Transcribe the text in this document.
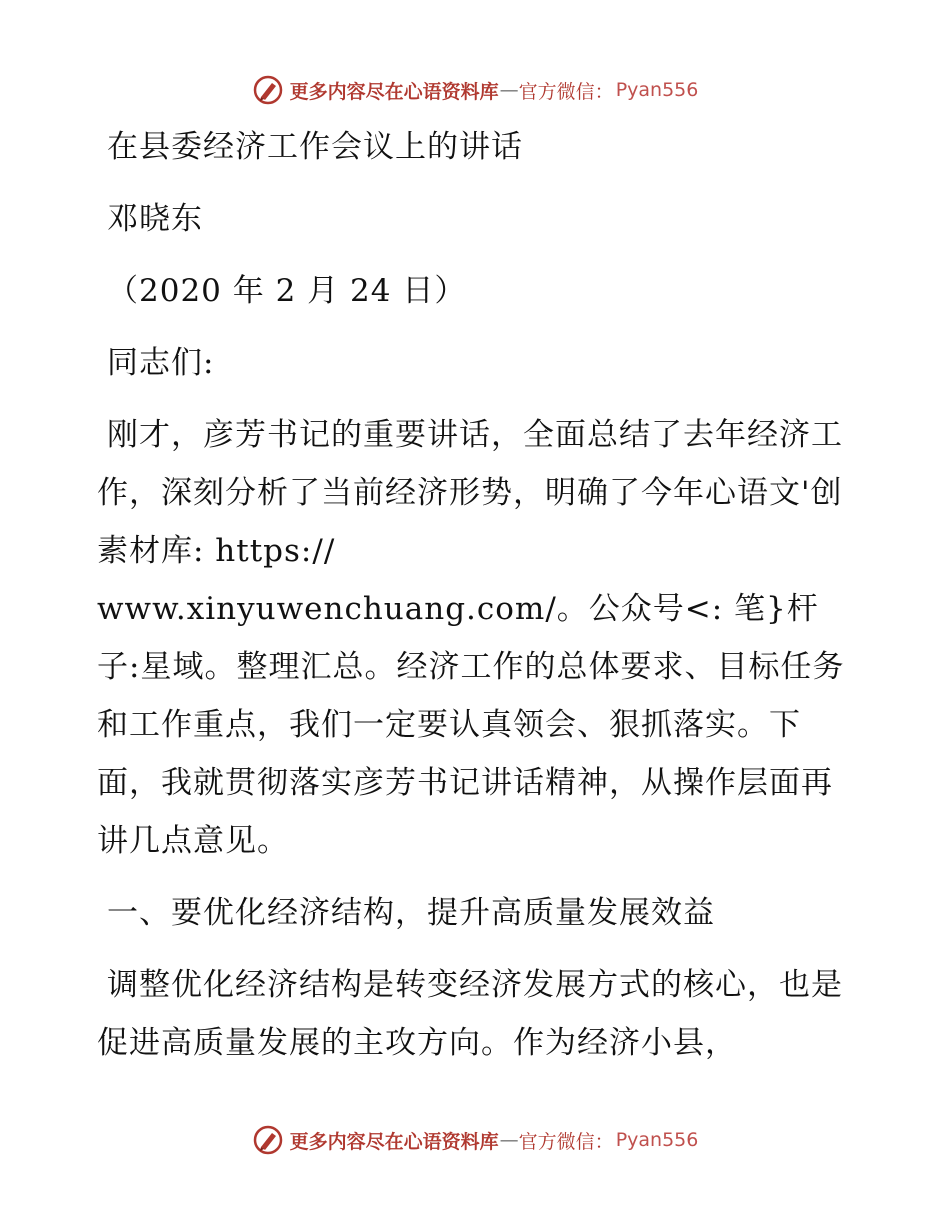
更多内容尽在心语资料库 — 官方微信： Pyan556

在县委经济工作会议上的讲话

邓晓东

（2020 年 2 月 24 日）

同志们:

刚才，彦芳书记的重要讲话，全面总结了去年经济工作，深刻分析了当前经济形势，明确了今年心语文'创素材库: https://
www.xinyuwenchuang.com/。公众号<: 笔}杆子:星域。整理汇总。经济工作的总体要求、目标任务和工作重点，我们一定要认真领会、狠抓落实。下面，我就贯彻落实彦芳书记讲话精神，从操作层面再讲几点意见。

一、要优化经济结构，提升高质量发展效益

调整优化经济结构是转变经济发展方式的核心，也是促进高质量发展的主攻方向。作为经济小县，

更多内容尽在心语资料库 — 官方微信： Pyan556
